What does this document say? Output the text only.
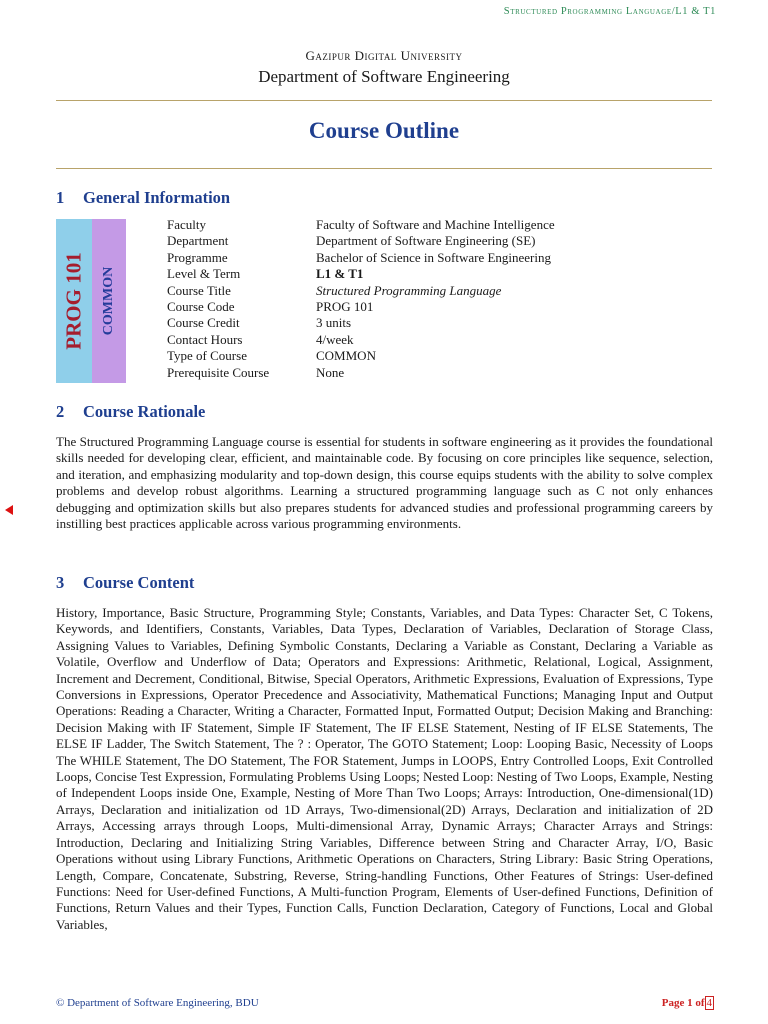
Structured Programming Language/L1 & T1
Gazipur Digital University
Department of Software Engineering
Course Outline
1 General Information
PROG 101 COMMON
Faculty	Faculty of Software and Machine Intelligence
Department	Department of Software Engineering (SE)
Programme	Bachelor of Science in Software Engineering
Level & Term	L1 & T1
Course Title	Structured Programming Language
Course Code	PROG 101
Course Credit	3 units
Contact Hours	4/week
Type of Course	COMMON
Prerequisite Course	None
2 Course Rationale

The Structured Programming Language course is essential for students in software engineering as it provides the foundational skills needed for developing clear, efficient, and maintainable code. By focusing on core principles like sequence, selection, and iteration, and emphasizing modularity and top-down design, this course equips students with the ability to solve complex problems and develop robust algorithms. Learning a structured programming language such as C not only enhances debugging and optimization skills but also prepares students for advanced studies and professional programming careers by instilling best practices applicable across various programming environments.

3 Course Content

History, Importance, Basic Structure, Programming Style; Constants, Variables, and Data Types: Character Set, C Tokens, Keywords, and Identifiers, Constants, Variables, Data Types, Declaration of Variables, Declaration of Storage Class, Assigning Values to Variables, Defining Symbolic Constants, Declaring a Variable as Constant, Declaring a Variable as Volatile, Overflow and Underflow of Data; Operators and Expressions: Arithmetic, Relational, Logical, Assignment, Increment and Decrement, Conditional, Bitwise, Special Operators, Arithmetic Expressions, Evaluation of Expressions, Type Conversions in Expressions, Operator Precedence and Associativity, Mathematical Functions; Managing Input and Output Operations: Reading a Character, Writing a Character, Formatted Input, Formatted Output; Decision Making and Branching: Decision Making with IF Statement, Simple IF Statement, The IF ELSE Statement, Nesting of IF ELSE Statements, The ELSE IF Ladder, The Switch Statement, The ? : Operator, The GOTO Statement; Loop: Looping Basic, Necessity of Loops The WHILE Statement, The DO Statement, The FOR Statement, Jumps in LOOPS, Entry Controlled Loops, Exit Controlled Loops, Concise Test Expression, Formulating Problems Using Loops; Nested Loop: Nesting of Two Loops, Example, Nesting of Independent Loops inside One, Example, Nesting of More Than Two Loops; Arrays: Introduction, One-dimensional(1D) Arrays, Declaration and initialization od 1D Arrays, Two-dimensional(2D) Arrays, Declaration and initialization of 2D Arrays, Accessing arrays through Loops, Multi-dimensional Array, Dynamic Arrays; Character Arrays and Strings: Introduction, Declaring and Initializing String Variables, Difference between String and Character Array, I/O, Basic Operations without using Library Functions, Arithmetic Operations on Characters, String Library: Basic String Operations, Length, Compare, Concatenate, Substring, Reverse, String-handling Functions, Other Features of Strings: User-defined Functions: Need for User-defined Functions, A Multi-function Program, Elements of User-defined Functions, Definition of Functions, Return Values and their Types, Function Calls, Function Declaration, Category of Functions, Local and Global Variables,

© Department of Software Engineering, BDU	Page 1 of 4
